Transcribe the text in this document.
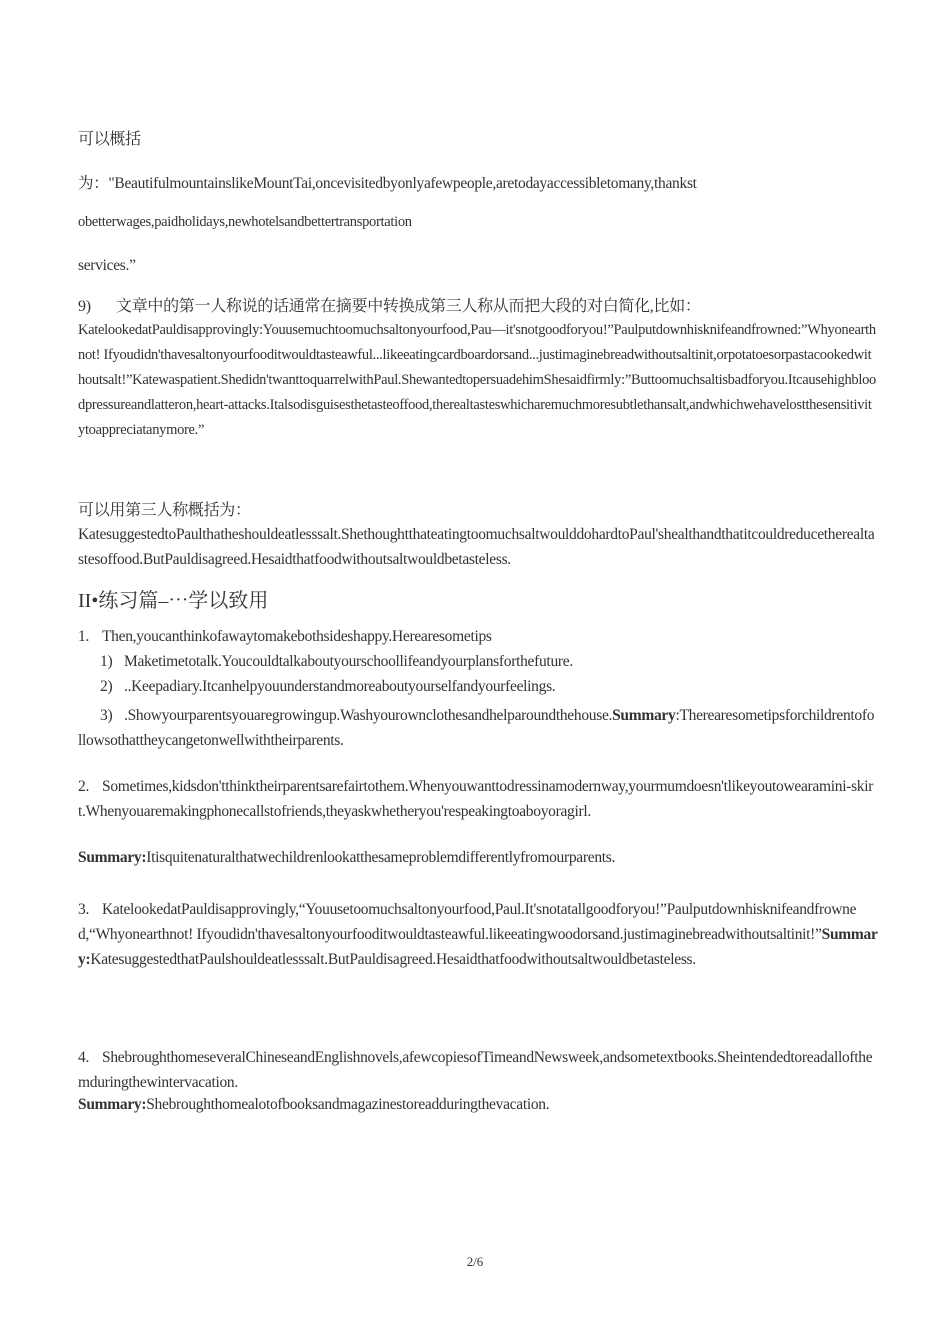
可以概括
为："BeautifulmountainslikeMountTai,oncevisitedbyonlyafewpeople,aretodayaccessibletomany,thankst
obetterwages,paidholidays,newhotelsandbettertransportation
services.”
9) 文章中的第一人称说的话通常在摘要中转换成第三人称从而把大段的对白简化,比如：
KatelookedatPauldisapprovingly:Youusemuchtoomuchsaltonyourfood,Pau—it'snotgoodforyou!”Paulputdownhisknifeandfrowned:”Whyonearthnot! Ifyoudidn'thavesaltonyourfooditwouldtasteawful...likeeatingcardboardorsand...justimaginebreadwithoutsaltinit,orpotatoesorpastacookedwithoutsalt!”Katewaspatient.Shedidn'twanttoquarrelwithPaul.ShewantedtopersuadehimShesaidfirmly:”Buttoomuchsaltisbadforyou.Itcausehighbloodpressureandlatteron,heart-attacks.Italsodisguisesthetasteoffood,therealtasteswhicharemuchmoresubtlethansalt,andwhichwehavelostthesensitivitytoappreciatanymore.”
可以用第三人称概括为：
KatesuggestedtoPaulthatheshouldeatlesssalt.ShethoughtthateatingtoomuchsaltwoulddohardtoPaul'shealthandthatitcouldreducetherealtastesoffood.ButPauldisagreed.Hesaidthatfoodwithoutsaltwouldbetasteless.
II•练习篇–⋯学以致用
1. Then,youcanthinkofawaytomakebothsideshappy.Herearesometips
1) Maketimetotalk.Youcouldtalkaboutyourschoollifeandyourplansforthefuture.
2) ..Keepadiary.Itcanhelpyouunderstandmoreaboutyourselfandyourfeelings.
3) .Showyourparentsyouaregrowingup.Washyourownclothesandhelparoundthehouse.Summary:Therearesometipsforchildrentofollowsothattheycangetonwellwiththeirparents.
2. Sometimes,kidsdon'tthinktheirparentsarefairtothem.Whenyouwanttodressinamodernway,yourmumdoesn'tlikeyoutowearamini-skirt.Whenyouaremakingphonecallstofriends,theyaskwhetheryou'respeakingtoaboyoragirl.
Summary:Itisquitenaturalthatwechildrenlookatthesameproblemdifferentlyfromourparents.
3. KatelookedatPauldisapprovingly,“Youusetoomuchsaltonyourfood,Paul.It'snotatallgoodforyou!”Paulputdownhisknifeandfrowned,“Whyonearthnot! Ifyoudidn'thavesaltonyourfooditwouldtasteawful.likeeatingwoodorsand.justimaginebreadwithoutsaltinit!”Summary:KatesuggestedthatPaulshouldeatlesssalt.ButPauldisagreed.Hesaidthatfoodwithoutsaltwouldbetasteless.
4. ShebroughthomeseveralChineseandEnglishnovels,afewcopiesofTimeandNewsweek,andsometextbooks.Sheintendedtoreadallofthemduringthewintervacation.
Summary:Shebroughthomealotofbooksandmagazinestoreadduringthevacation.
2/6
